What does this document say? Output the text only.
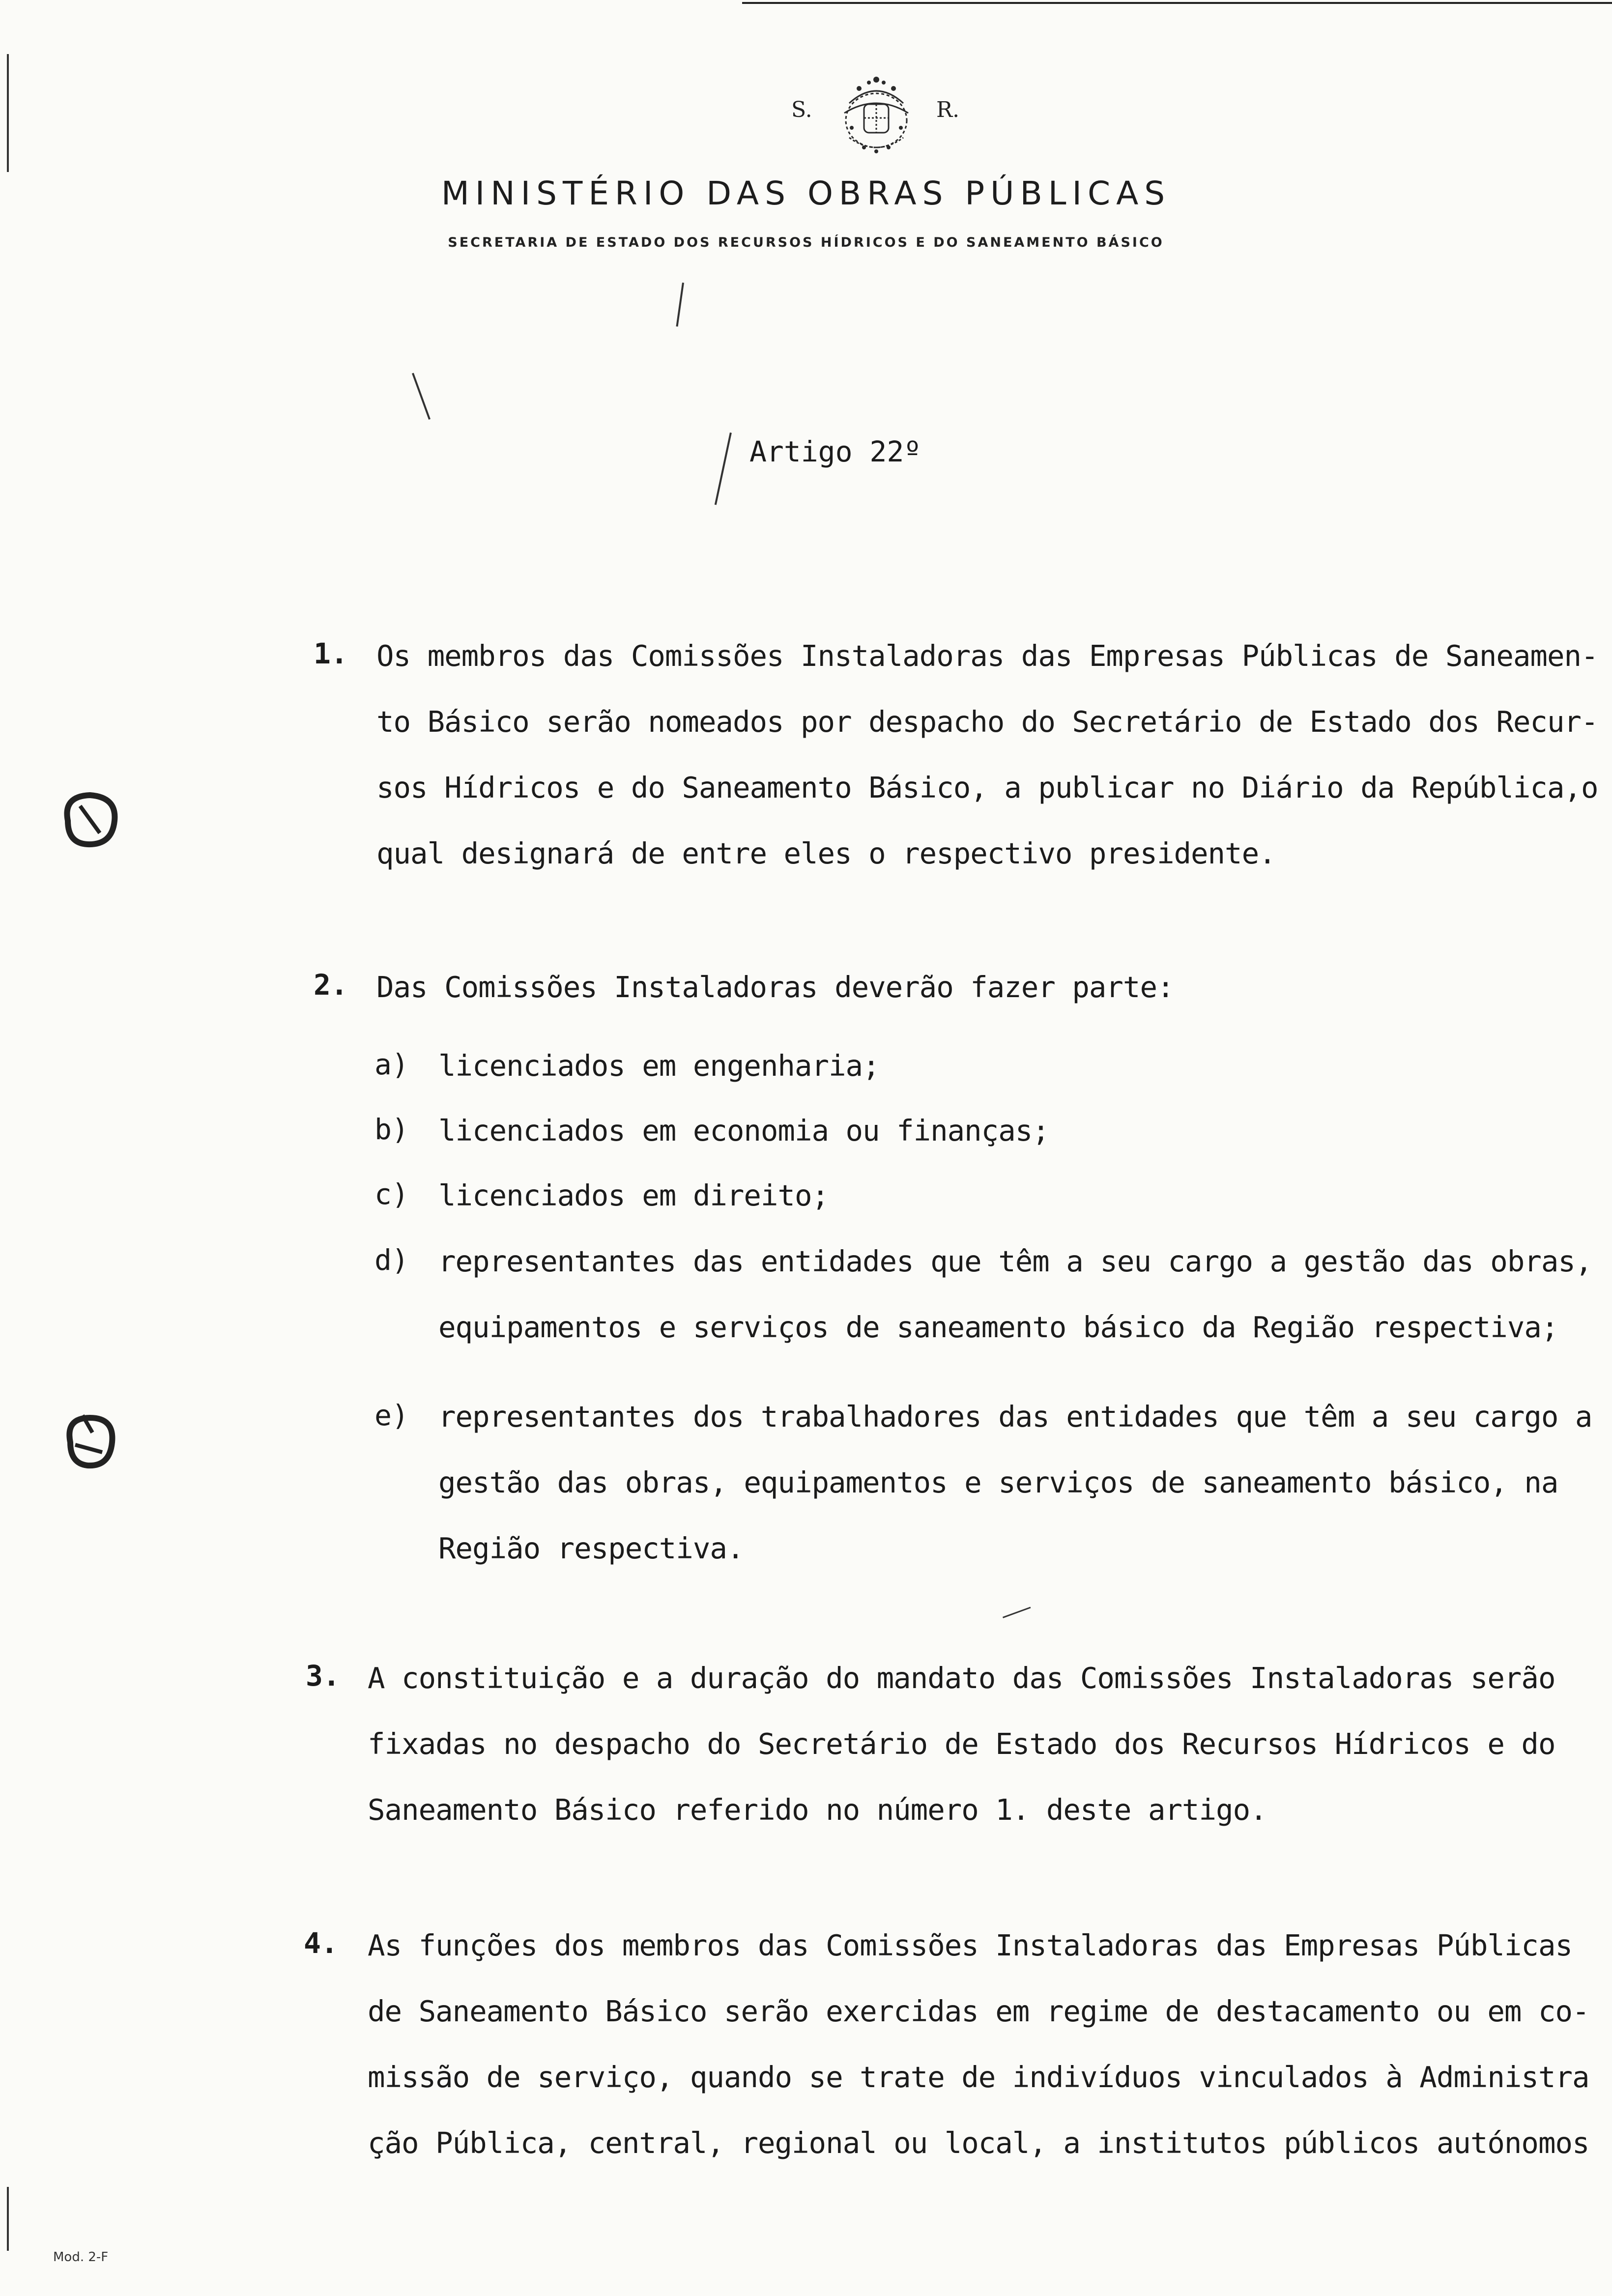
S.	R.
MINISTÉRIO DAS OBRAS PÚBLICAS
SECRETARIA DE ESTADO DOS RECURSOS HÍDRICOS E DO SANEAMENTO BÁSICO
Artigo 22º
1. Os membros das Comissões Instaladoras das Empresas Públicas de Saneamen-
to Básico serão nomeados por despacho do Secretário de Estado dos Recur-
sos Hídricos e do Saneamento Básico, a publicar no Diário da República,o
qual designará de entre eles o respectivo presidente.
2. Das Comissões Instaladoras deverão fazer parte:
a) licenciados em engenharia;
b) licenciados em economia ou finanças;
c) licenciados em direito;
d) representantes das entidades que têm a seu cargo a gestão das obras,
equipamentos e serviços de saneamento básico da Região respectiva;
e) representantes dos trabalhadores das entidades que têm a seu cargo a
gestão das obras, equipamentos e serviços de saneamento básico, na
Região respectiva.
3. A constituição e a duração do mandato das Comissões Instaladoras serão
fixadas no despacho do Secretário de Estado dos Recursos Hídricos e do
Saneamento Básico referido no número 1. deste artigo.
4. As funções dos membros das Comissões Instaladoras das Empresas Públicas
de Saneamento Básico serão exercidas em regime de destacamento ou em co-
missão de serviço, quando se trate de indivíduos vinculados à Administra
ção Pública, central, regional ou local, a institutos públicos autónomos
Mod. 2-F
